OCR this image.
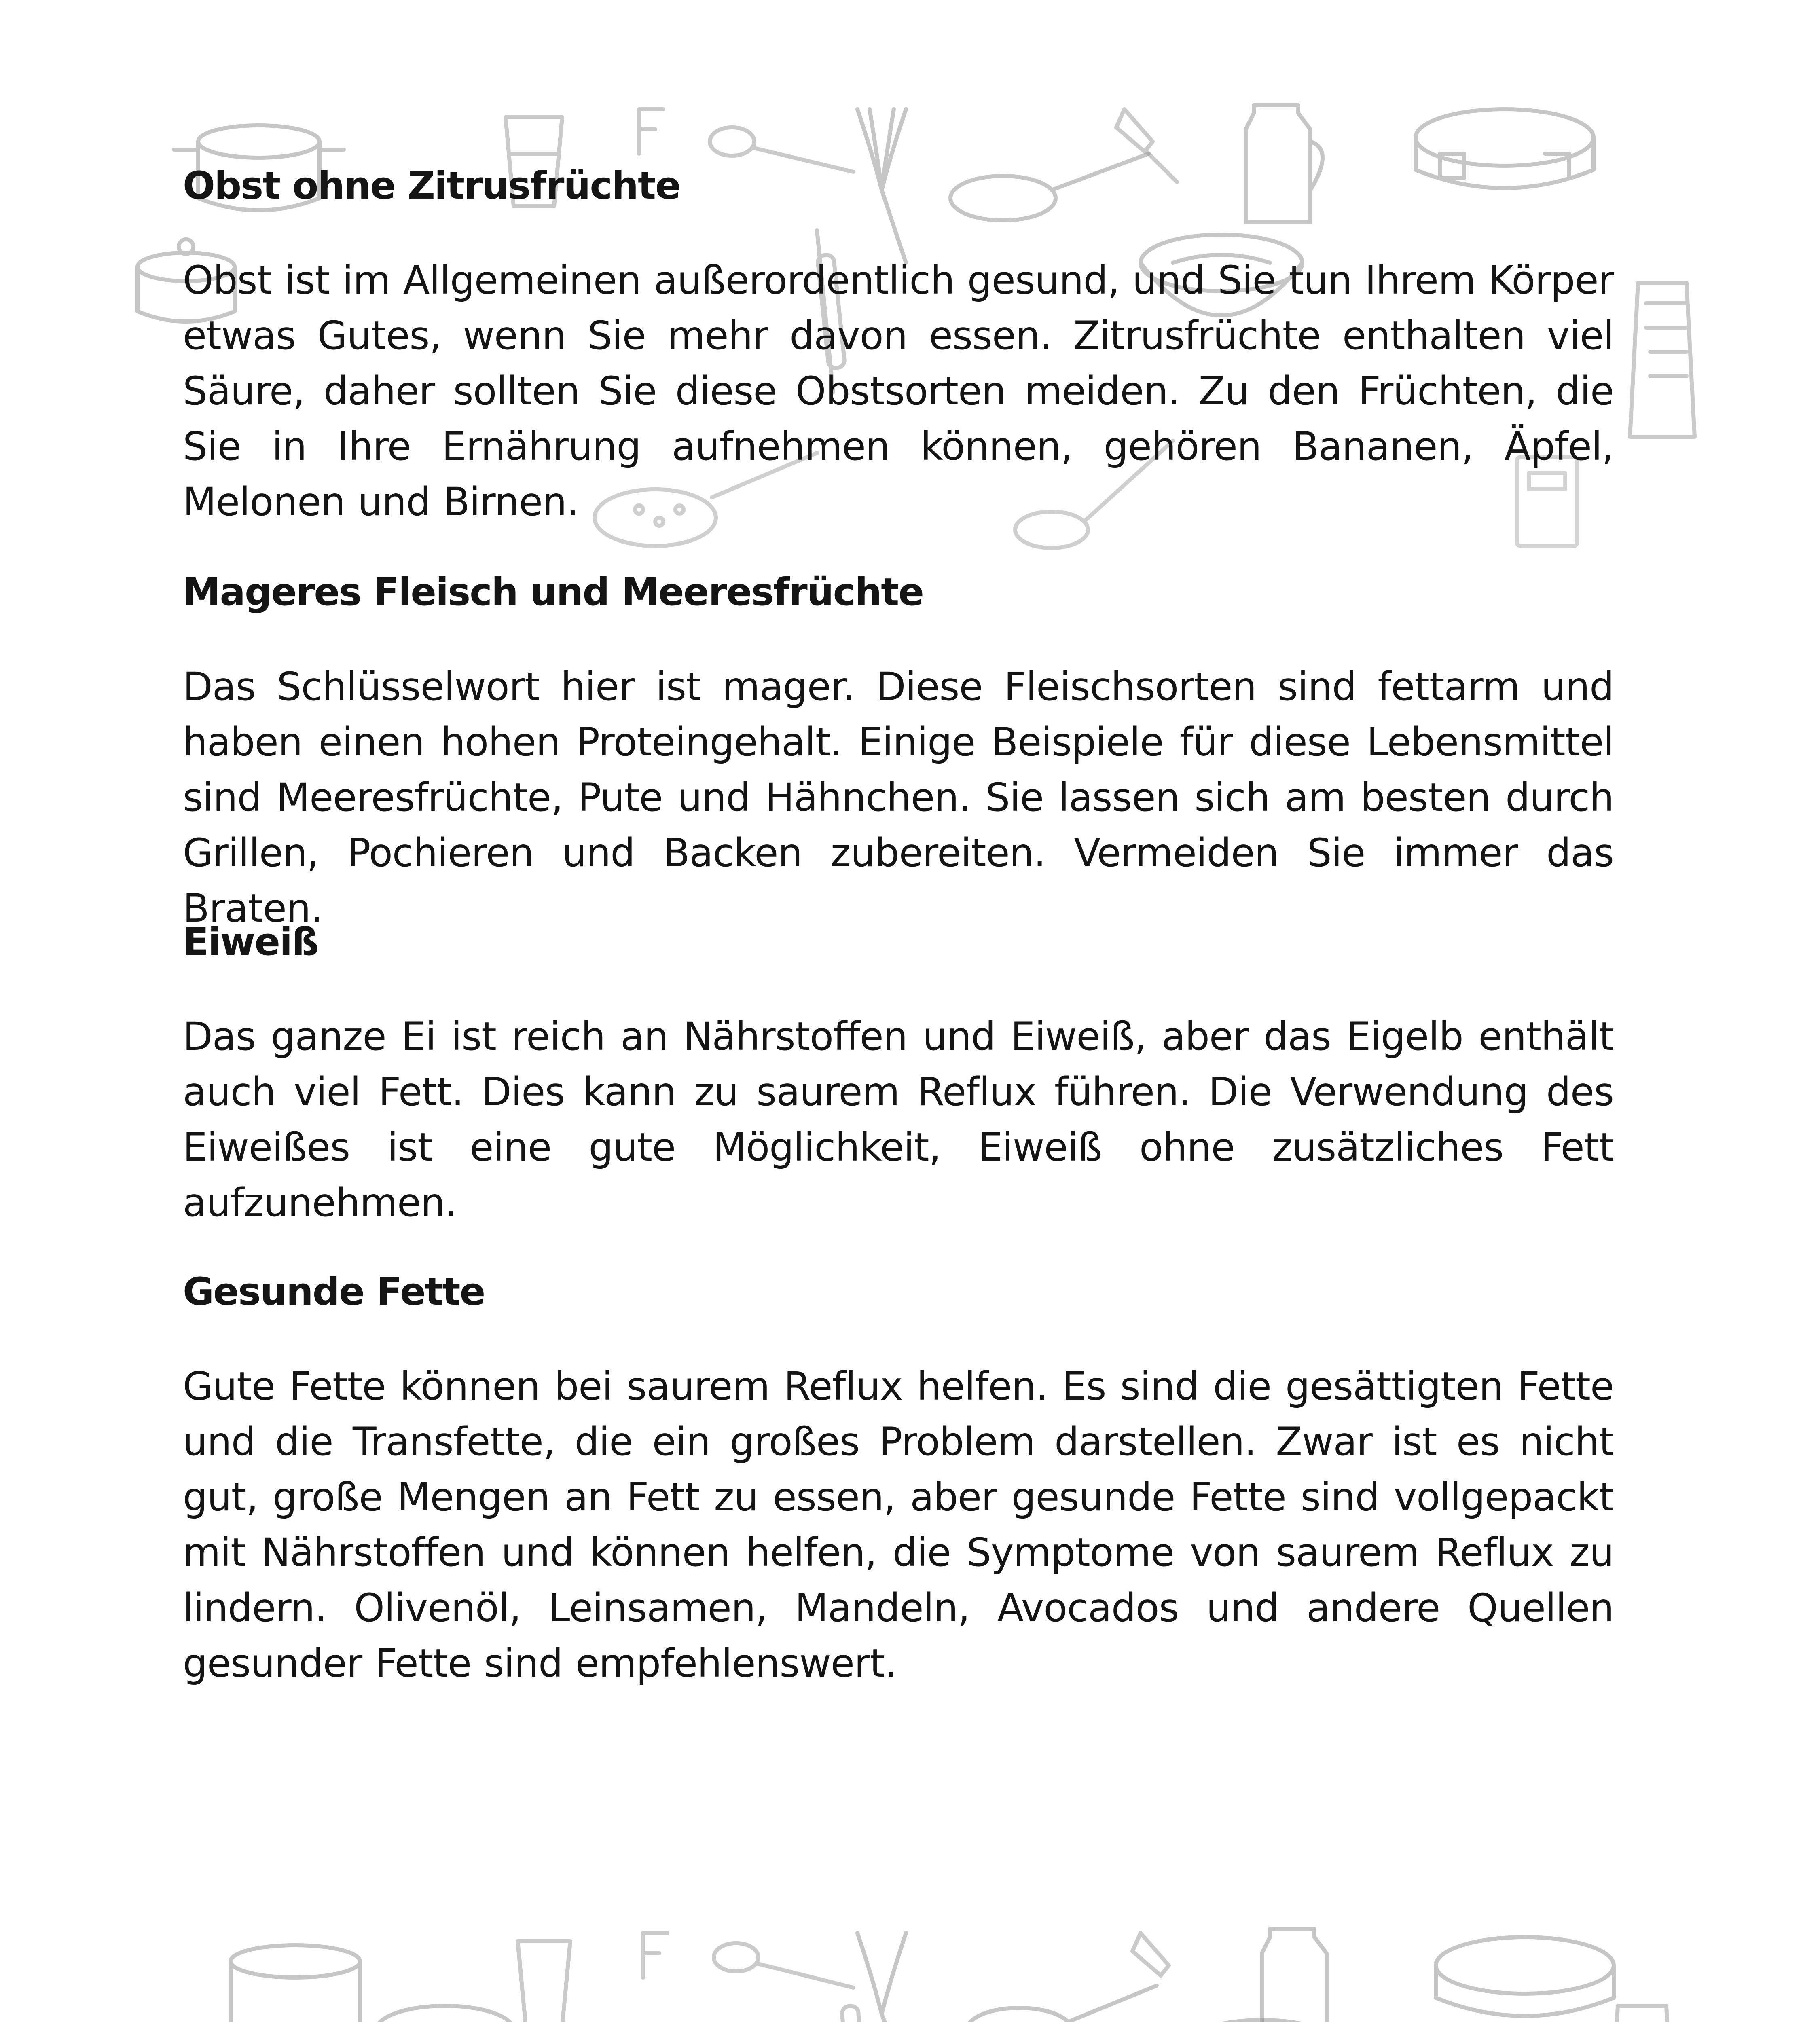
Obst ohne Zitrusfrüchte

Obst ist im Allgemeinen außerordentlich gesund, und Sie tun Ihrem Körper etwas Gutes, wenn Sie mehr davon essen. Zitrusfrüchte enthalten viel Säure, daher sollten Sie diese Obstsorten meiden. Zu den Früchten, die Sie in Ihre Ernährung aufnehmen können, gehören Bananen, Äpfel, Melonen und Birnen.

Mageres Fleisch und Meeresfrüchte

Das Schlüsselwort hier ist mager. Diese Fleischsorten sind fettarm und haben einen hohen Proteingehalt. Einige Beispiele für diese Lebensmittel sind Meeresfrüchte, Pute und Hähnchen. Sie lassen sich am besten durch Grillen, Pochieren und Backen zubereiten. Vermeiden Sie immer das Braten.

Eiweiß

Das ganze Ei ist reich an Nährstoffen und Eiweiß, aber das Eigelb enthält auch viel Fett. Dies kann zu saurem Reflux führen. Die Verwendung des Eiweißes ist eine gute Möglichkeit, Eiweiß ohne zusätzliches Fett aufzunehmen.

Gesunde Fette

Gute Fette können bei saurem Reflux helfen. Es sind die gesättigten Fette und die Transfette, die ein großes Problem darstellen. Zwar ist es nicht gut, große Mengen an Fett zu essen, aber gesunde Fette sind vollgepackt mit Nährstoffen und können helfen, die Symptome von saurem Reflux zu lindern. Olivenöl, Leinsamen, Mandeln, Avocados und andere Quellen gesunder Fette sind empfehlenswert.
